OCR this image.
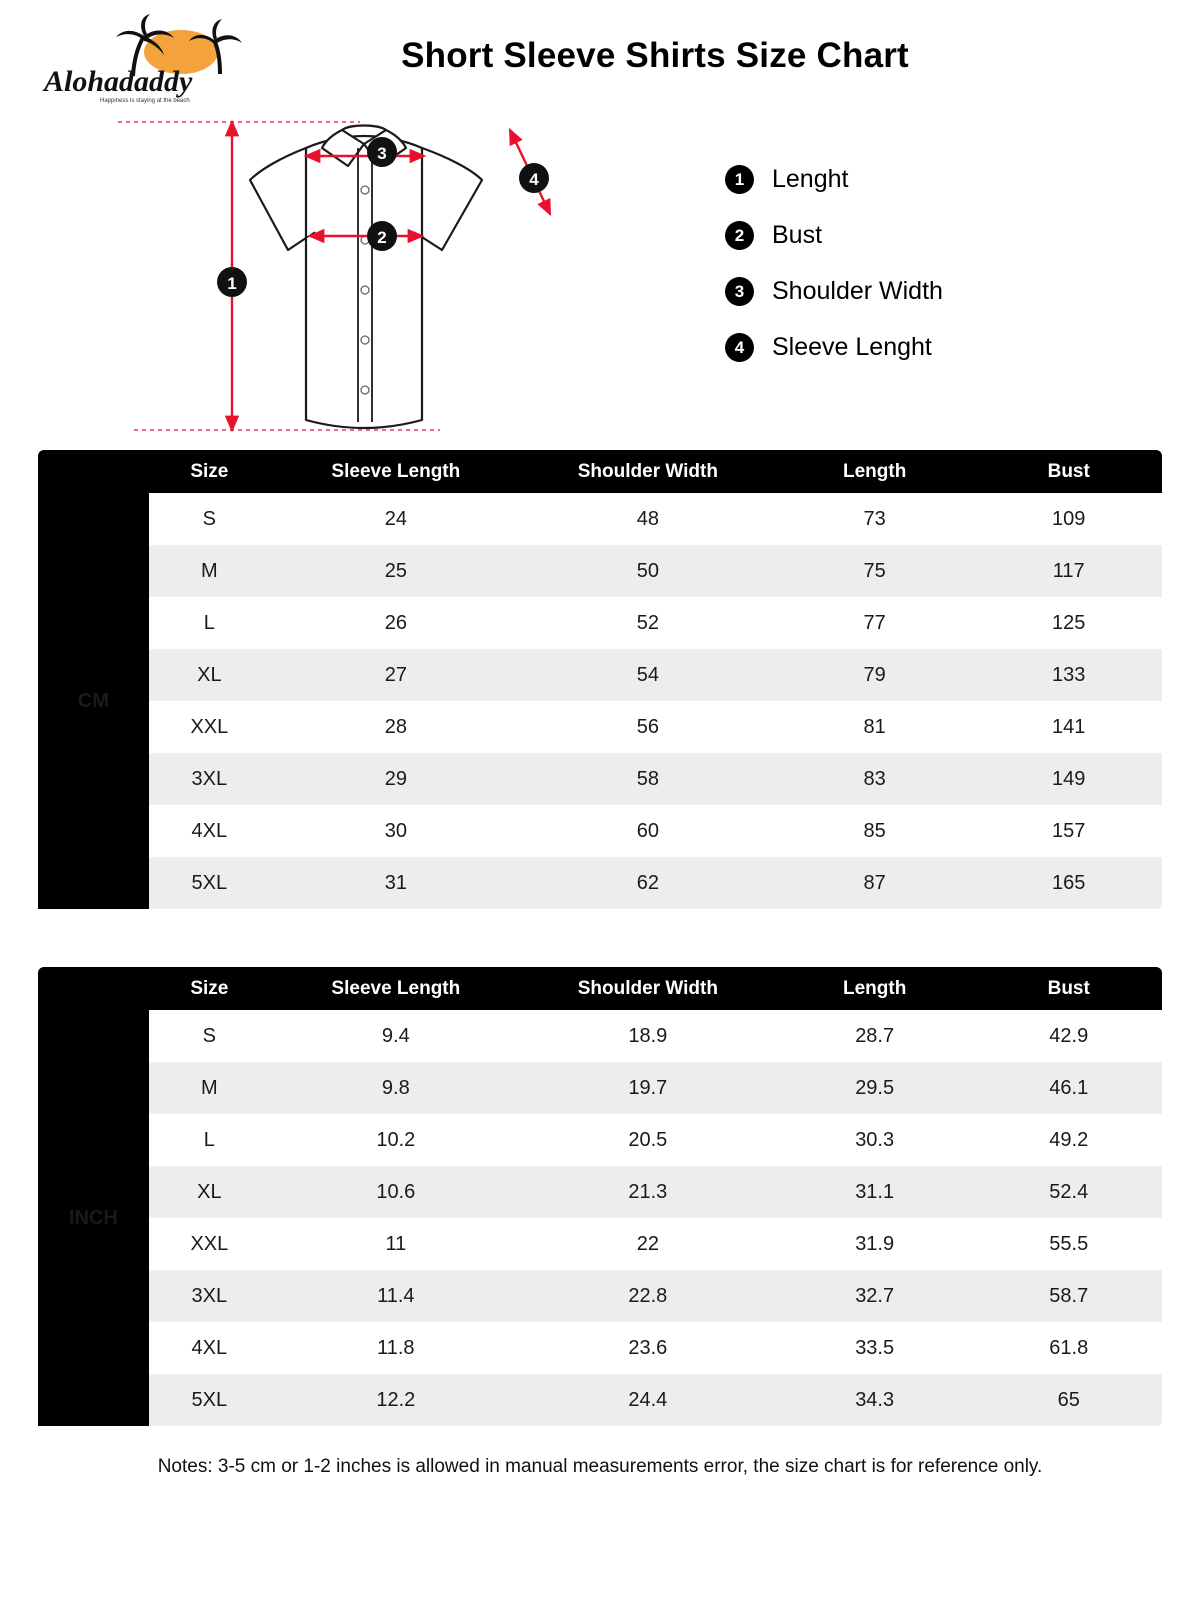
Alohadaddy
Happiness is staying at the beach
Short Sleeve Shirts Size Chart
1
2
3
4	1	Lenght
2	Bust
3	Shoulder Width
4	Sleeve Lenght
	Size	Sleeve Length	Shoulder Width	Length	Bust
CM	S	24	48	73	109
	M	25	50	75	117
	L	26	52	77	125
	XL	27	54	79	133
	XXL	28	56	81	141
	3XL	29	58	83	149
	4XL	30	60	85	157
	5XL	31	62	87	165
	Size	Sleeve Length	Shoulder Width	Length	Bust
INCH	S	9.4	18.9	28.7	42.9
	M	9.8	19.7	29.5	46.1
	L	10.2	20.5	30.3	49.2
	XL	10.6	21.3	31.1	52.4
	XXL	11	22	31.9	55.5
	3XL	11.4	22.8	32.7	58.7
	4XL	11.8	23.6	33.5	61.8
	5XL	12.2	24.4	34.3	65
Notes: 3-5 cm or 1-2 inches is allowed in manual measurements error, the size chart is for reference only.
